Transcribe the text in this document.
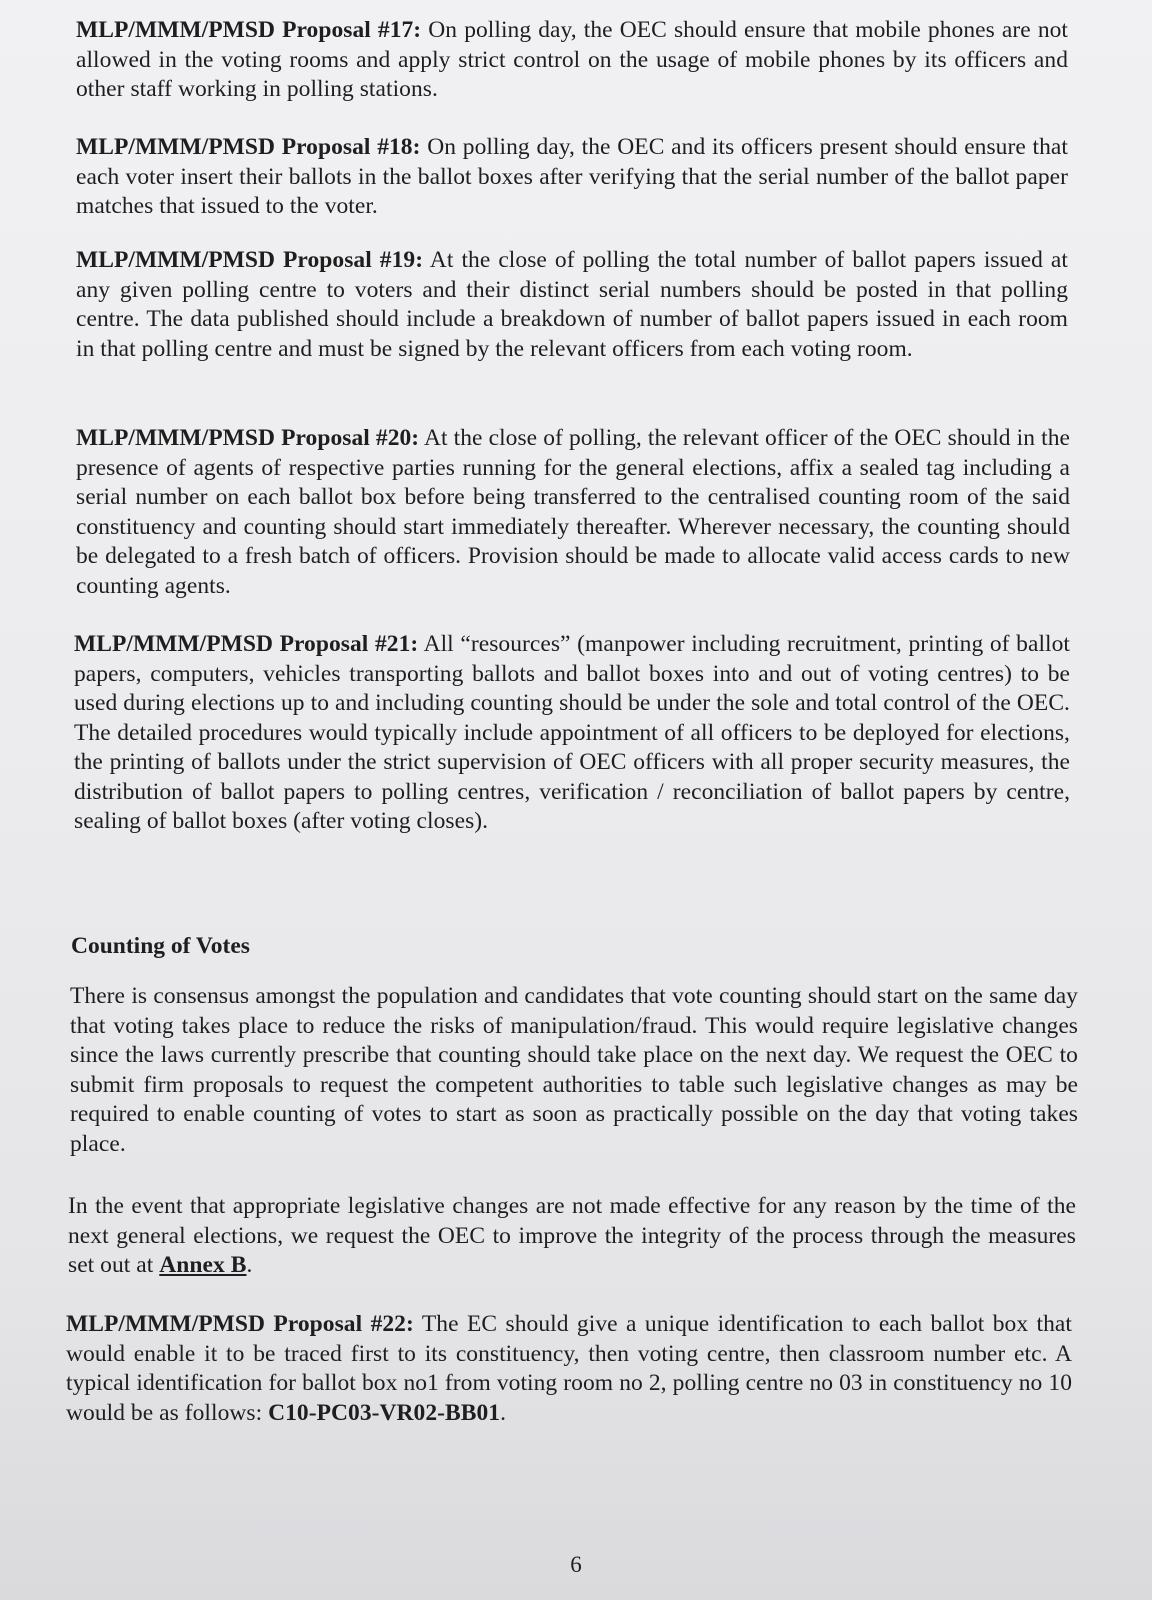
MLP/MMM/PMSD Proposal #17: On polling day, the OEC should ensure that mobile phones are not allowed in the voting rooms and apply strict control on the usage of mobile phones by its officers and other staff working in polling stations.

MLP/MMM/PMSD Proposal #18: On polling day, the OEC and its officers present should ensure that each voter insert their ballots in the ballot boxes after verifying that the serial number of the ballot paper matches that issued to the voter.

MLP/MMM/PMSD Proposal #19: At the close of polling the total number of ballot papers issued at any given polling centre to voters and their distinct serial numbers should be posted in that polling centre. The data published should include a breakdown of number of ballot papers issued in each room in that polling centre and must be signed by the relevant officers from each voting room.

MLP/MMM/PMSD Proposal #20: At the close of polling, the relevant officer of the OEC should in the presence of agents of respective parties running for the general elections, affix a sealed tag including a serial number on each ballot box before being transferred to the centralised counting room of the said constituency and counting should start immediately thereafter. Wherever necessary, the counting should be delegated to a fresh batch of officers. Provision should be made to allocate valid access cards to new counting agents.

MLP/MMM/PMSD Proposal #21: All “resources” (manpower including recruitment, printing of ballot papers, computers, vehicles transporting ballots and ballot boxes into and out of voting centres) to be used during elections up to and including counting should be under the sole and total control of the OEC. The detailed procedures would typically include appointment of all officers to be deployed for elections, the printing of ballots under the strict supervision of OEC officers with all proper security measures, the distribution of ballot papers to polling centres, verification / reconciliation of ballot papers by centre, sealing of ballot boxes (after voting closes).

Counting of Votes

There is consensus amongst the population and candidates that vote counting should start on the same day that voting takes place to reduce the risks of manipulation/fraud. This would require legislative changes since the laws currently prescribe that counting should take place on the next day. We request the OEC to submit firm proposals to request the competent authorities to table such legislative changes as may be required to enable counting of votes to start as soon as practically possible on the day that voting takes place.

In the event that appropriate legislative changes are not made effective for any reason by the time of the next general elections, we request the OEC to improve the integrity of the process through the measures set out at Annex B.

MLP/MMM/PMSD Proposal #22: The EC should give a unique identification to each ballot box that would enable it to be traced first to its constituency, then voting centre, then classroom number etc. A typical identification for ballot box no1 from voting room no 2, polling centre no 03 in constituency no 10 would be as follows: C10-PC03-VR02-BB01.

6
